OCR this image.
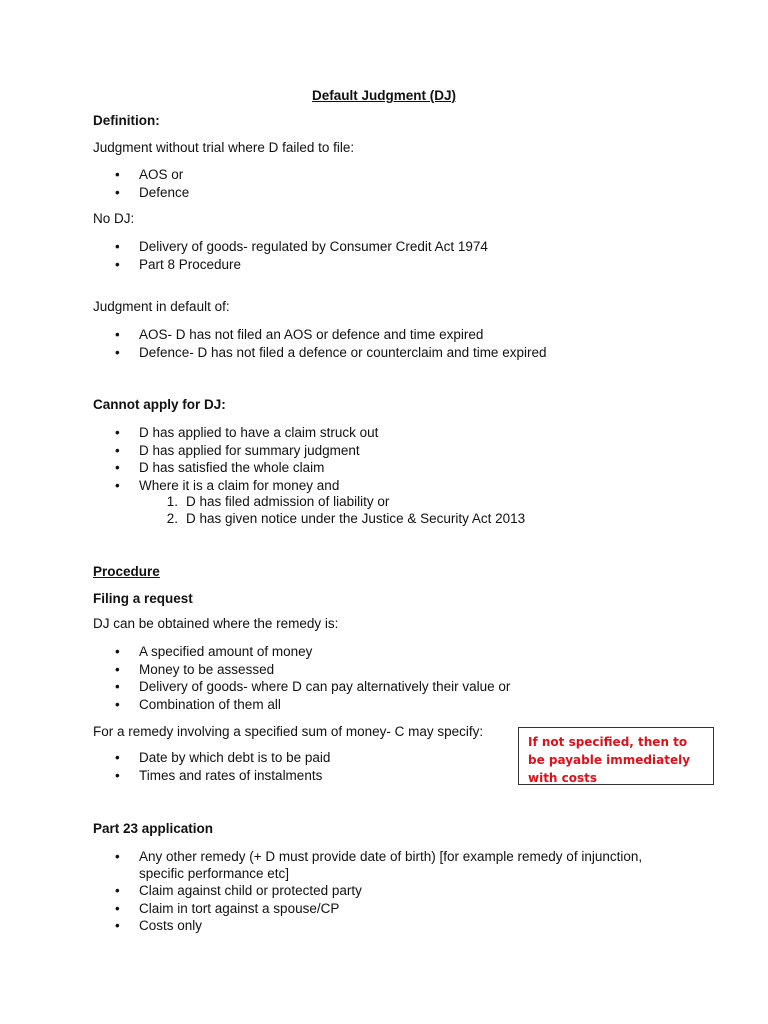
Default Judgment (DJ)
Definition:
Judgment without trial where D failed to file:
•	AOS or
•	Defence
No DJ:
•	Delivery of goods- regulated by Consumer Credit Act 1974
•	Part 8 Procedure
Judgment in default of:
•	AOS- D has not filed an AOS or defence and time expired
•	Defence- D has not filed a defence or counterclaim and time expired
Cannot apply for DJ:
•	D has applied to have a claim struck out
•	D has applied for summary judgment
•	D has satisfied the whole claim
•	Where it is a claim for money and
1. D has filed admission of liability or
2. D has given notice under the Justice & Security Act 2013
Procedure
Filing a request
DJ can be obtained where the remedy is:
•	A specified amount of money
•	Money to be assessed
•	Delivery of goods- where D can pay alternatively their value or
•	Combination of them all
For a remedy involving a specified sum of money- C may specify:
•	Date by which debt is to be paid
•	Times and rates of instalments
If not specified, then to be payable immediately with costs
Part 23 application
•	Any other remedy (+ D must provide date of birth) [for example remedy of injunction,
specific performance etc]
•	Claim against child or protected party
•	Claim in tort against a spouse/CP
•	Costs only
